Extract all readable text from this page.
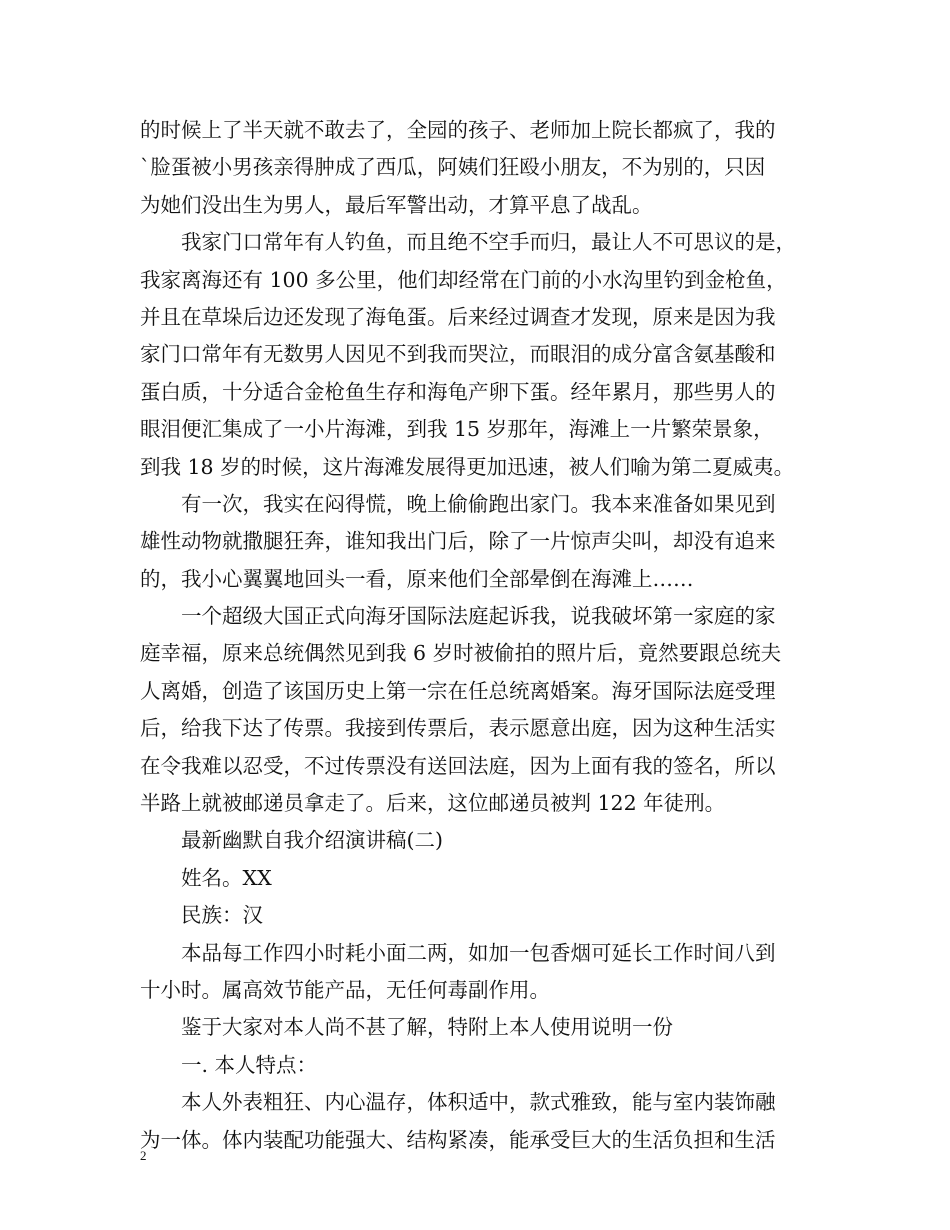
的时候上了半天就不敢去了，全园的孩子、老师加上院长都疯了，我的
`脸蛋被小男孩亲得肿成了西瓜，阿姨们狂殴小朋友，不为别的，只因
为她们没出生为男人，最后军警出动，才算平息了战乱。
我家门口常年有人钓鱼，而且绝不空手而归，最让人不可思议的是，
我家离海还有 100 多公里，他们却经常在门前的小水沟里钓到金枪鱼，
并且在草垛后边还发现了海龟蛋。后来经过调查才发现，原来是因为我
家门口常年有无数男人因见不到我而哭泣，而眼泪的成分富含氨基酸和
蛋白质，十分适合金枪鱼生存和海龟产卵下蛋。经年累月，那些男人的
眼泪便汇集成了一小片海滩，到我 15 岁那年，海滩上一片繁荣景象，
到我 18 岁的时候，这片海滩发展得更加迅速，被人们喻为第二夏威夷。
有一次，我实在闷得慌，晚上偷偷跑出家门。我本来准备如果见到
雄性动物就撒腿狂奔，谁知我出门后，除了一片惊声尖叫，却没有追来
的，我小心翼翼地回头一看，原来他们全部晕倒在海滩上……
一个超级大国正式向海牙国际法庭起诉我，说我破坏第一家庭的家
庭幸福，原来总统偶然见到我 6 岁时被偷拍的照片后，竟然要跟总统夫
人离婚，创造了该国历史上第一宗在任总统离婚案。海牙国际法庭受理
后，给我下达了传票。我接到传票后，表示愿意出庭，因为这种生活实
在令我难以忍受，不过传票没有送回法庭，因为上面有我的签名，所以
半路上就被邮递员拿走了。后来，这位邮递员被判 122 年徒刑。
最新幽默自我介绍演讲稿(二)
姓名。XX
民族：汉
本品每工作四小时耗小面二两，如加一包香烟可延长工作时间八到
十小时。属高效节能产品，无任何毒副作用。
鉴于大家对本人尚不甚了解，特附上本人使用说明一份
一. 本人特点：
本人外表粗狂、内心温存，体积适中，款式雅致，能与室内装饰融
为一体。体内装配功能强大、结构紧凑，能承受巨大的生活负担和生活
2
